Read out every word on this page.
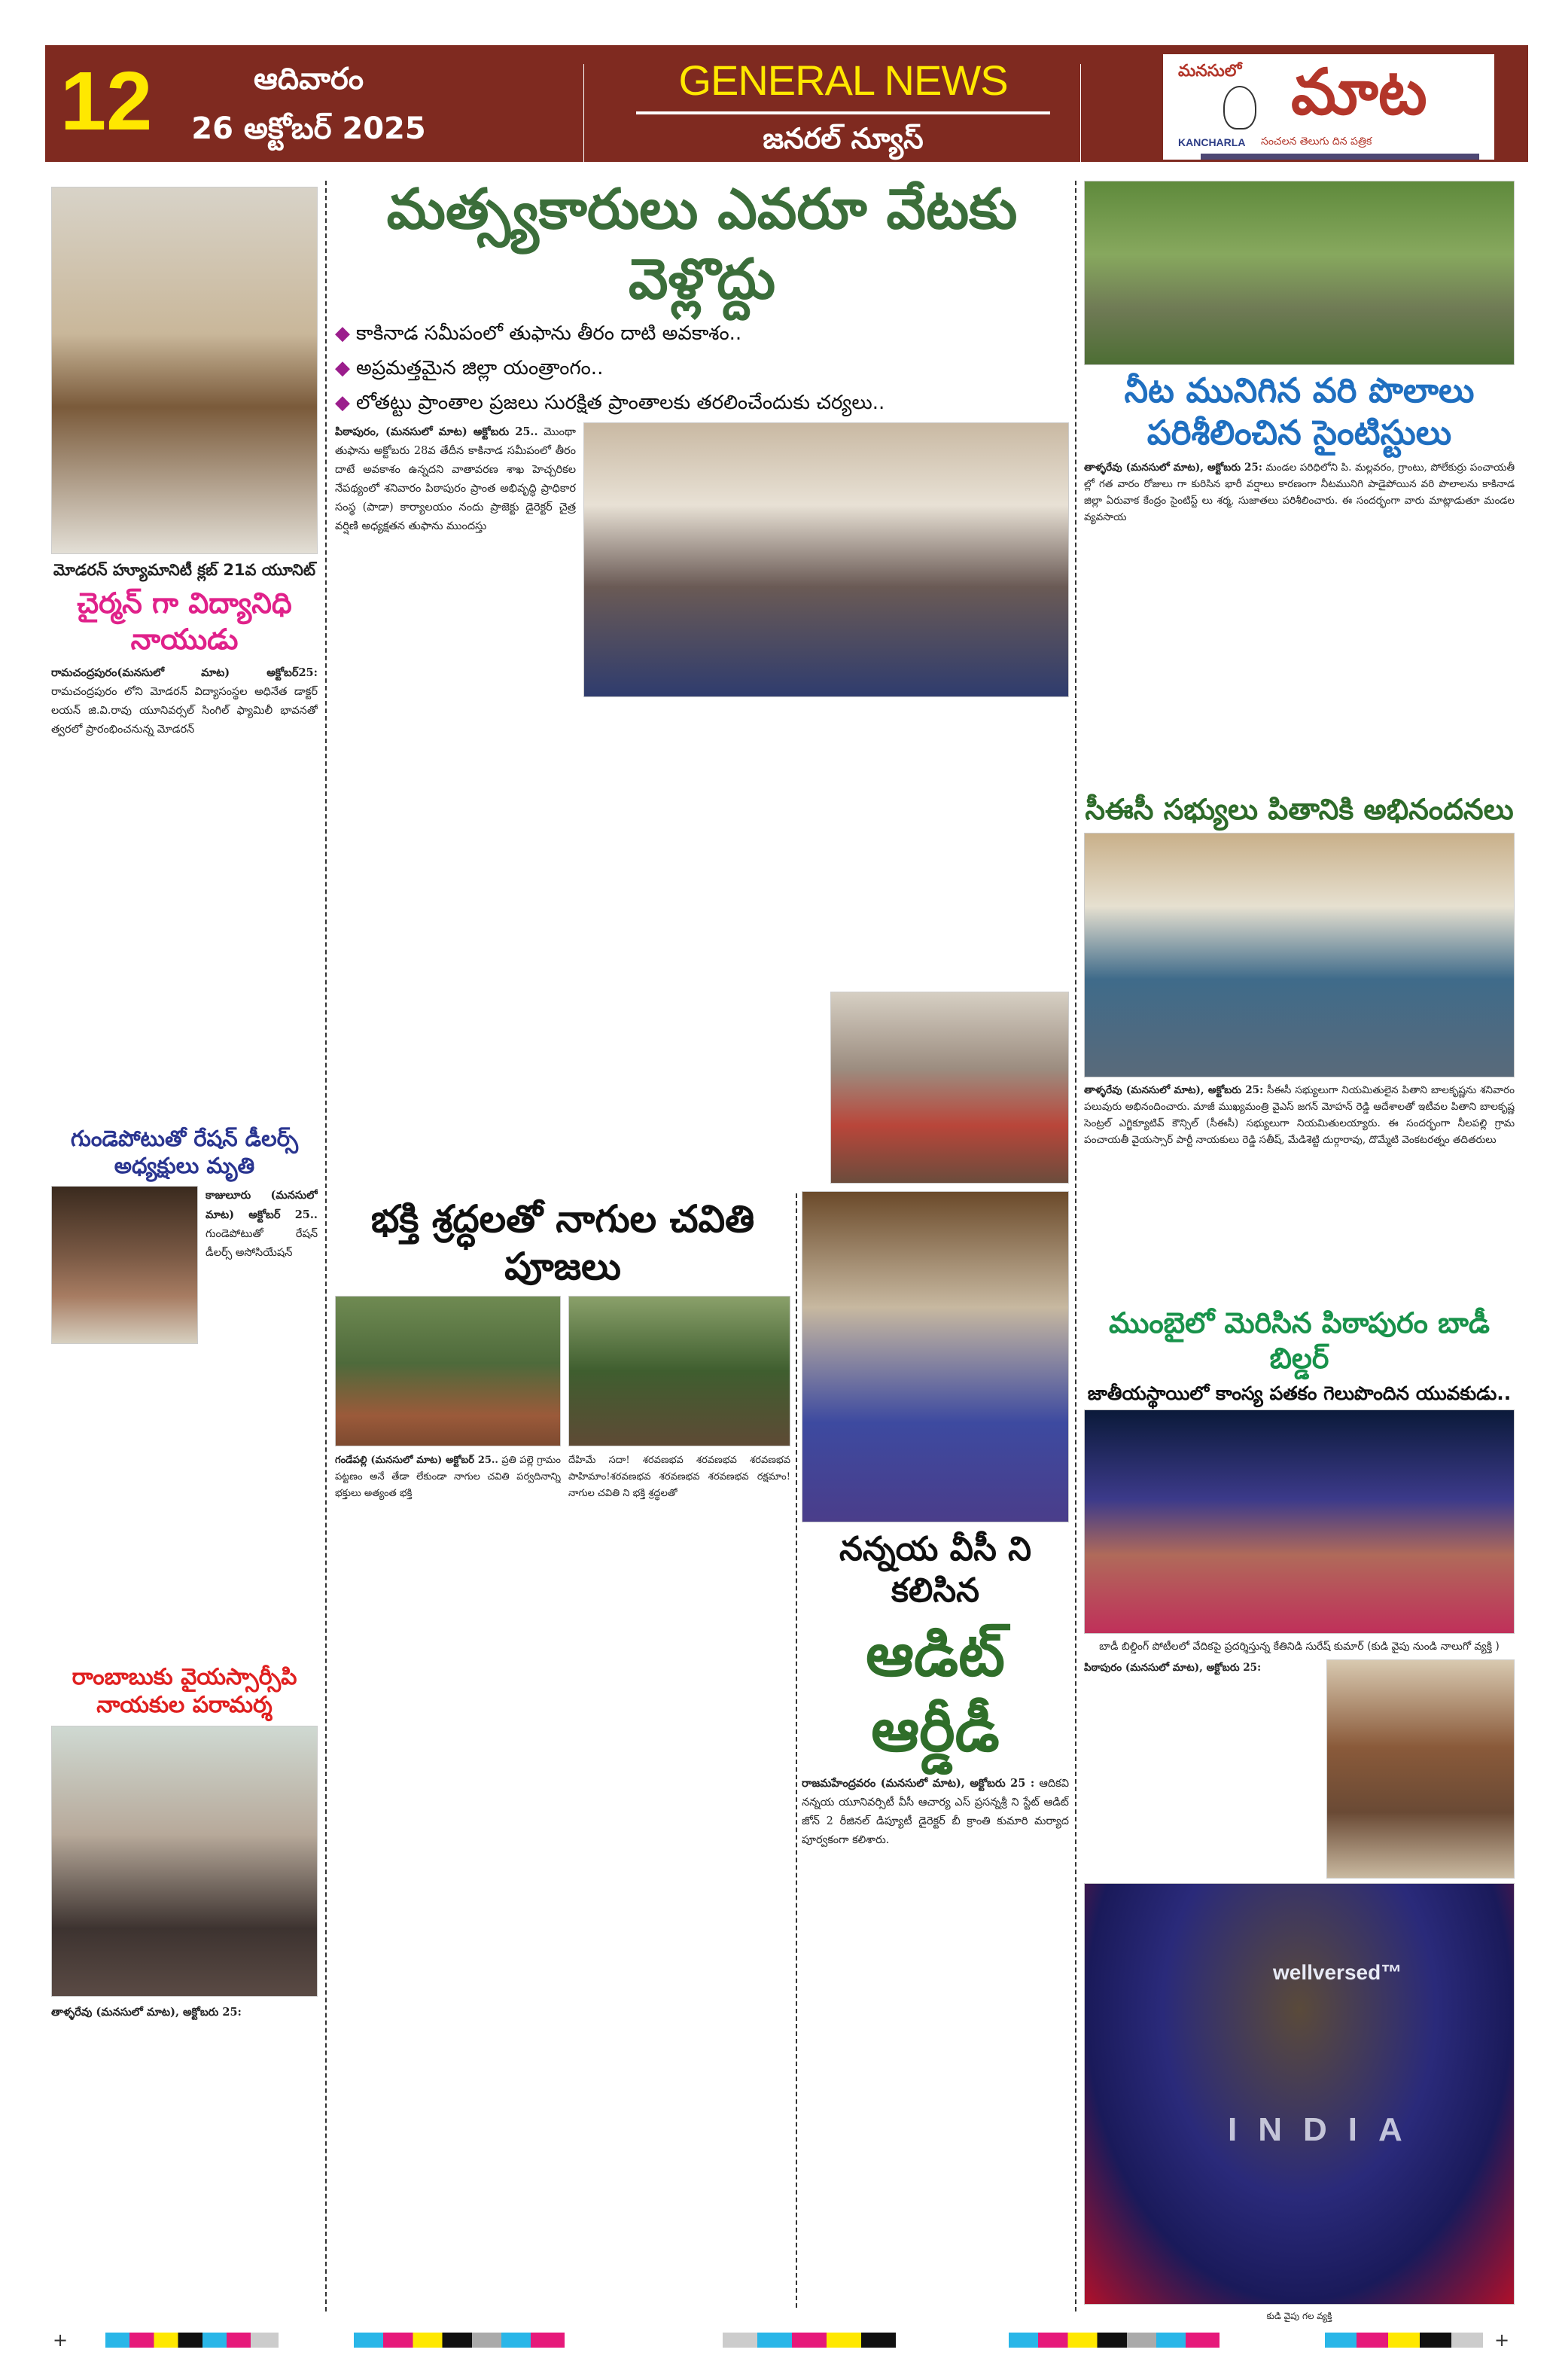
12	ఆదివారం
26 అక్టోబర్ 2025
GENERAL NEWS
జనరల్ న్యూస్
మనసులో మాట
KANCHARLA సంచలన తెలుగు దిన పత్రిక
మోడరన్ హ్యూమానిటీ క్లబ్ 21వ యూనిట్
చైర్మన్ గా విద్యానిధి నాయుడు
రామచంద్రపురం(మనసులో మాట) అక్టోబర్25: రామచంద్రపురం లోని మోడరన్ విద్యాసంస్థల అధినేత డాక్టర్ లయన్ జి.వి.రావు యూనివర్సల్ సింగిల్ ఫ్యామిలీ భావనతో త్వరలో ప్రారంభించనున్న మోడరన్
గుండెపోటుతో రేషన్ డీలర్స్ అధ్యక్షులు మృతి
కాజులూరు (మనసులో మాట) అక్టోబర్ 25.. గుండెపోటుతో రేషన్ డీలర్స్ అసోసియేషన్
రాంబాబుకు వైయస్సార్సీపి నాయకుల పరామర్శ
తాళ్ళరేవు (మనసులో మాట), అక్టోబరు 25:
మత్స్యకారులు ఎవరూ వేటకు వెళ్లొద్దు
◆ కాకినాడ సమీపంలో తుఫాను తీరం దాటి అవకాశం..
◆ అప్రమత్తమైన జిల్లా యంత్రాంగం..
◆ లోతట్టు ప్రాంతాల ప్రజలు సురక్షిత ప్రాంతాలకు తరలించేందుకు చర్యలు..
పిఠాపురం, (మనసులో మాట) అక్టోబరు 25.. మొంథా తుఫాను అక్టోబరు 28వ తేదీన కాకినాడ సమీపంలో తీరం దాటే అవకాశం ఉన్నదని వాతావరణ శాఖ హెచ్చరికల నేపథ్యంలో శనివారం పిఠాపురం ప్రాంత అభివృద్ధి ప్రాధికార సంస్థ (పాడా) కార్యాలయం నందు ప్రాజెక్టు డైరెక్టర్ చైత్ర వర్షిణి అధ్యక్షతన తుఫాను ముందస్తు
భక్తి శ్రద్ధలతో నాగుల చవితి పూజలు
గండేపల్లి (మనసులో మాట) అక్టోబర్ 25.. ప్రతి పల్లె గ్రామం పట్టణం అనే తేడా లేకుండా నాగుల చవితి పర్వదినాన్ని భక్తులు అత్యంత భక్తి
దేహిమే సదా! శరవణభవ శరవణభవ శరవణభవ పాహిమాం!శరవణభవ శరవణభవ శరవణభవ రక్షమాం! నాగుల చవితి ని భక్తి శ్రద్ధలతో
నన్నయ వీసీ ని కలిసిన
ఆడిట్ ఆర్డీడీ
రాజమహేంద్రవరం (మనసులో మాట), అక్టోబరు 25 : ఆదికవి నన్నయ యూనివర్సిటీ వీసీ ఆచార్య ఎస్ ప్రసన్నశ్రీ ని స్టేట్ ఆడిట్ జోన్ 2 రీజినల్ డిప్యూటీ డైరెక్టర్ బీ క్రాంతి కుమారి మర్యాద పూర్వకంగా కలిశారు.
నీట మునిగిన వరి పొలాలు పరిశీలించిన సైంటిస్టులు
తాళ్ళరేవు (మనసులో మాట), అక్టోబరు 25: మండల పరిధిలోని పి. మల్లవరం, గ్రాంటు, పోలేకుర్రు పంచాయతీ ల్లో గత వారం రోజులు గా కురిసిన భారీ వర్షాలు కారణంగా నీటమునిగి పాడైపోయిన వరి పొలాలను కాకినాడ జిల్లా ఏరువాక కేంద్రం సైంటిస్ట్ లు శర్మ, సుజాతలు పరిశీలించారు. ఈ సందర్భంగా వారు మాట్లాడుతూ మండల వ్యవసాయ
సీఈసీ సభ్యులు పితానికి అభినందనలు
తాళ్ళరేవు (మనసులో మాట), అక్టోబరు 25: సీఈసీ సభ్యులుగా నియమితులైన పితాని బాలకృష్ణను శనివారం పలువురు అభినందించారు. మాజీ ముఖ్యమంత్రి వైఎస్ జగన్ మోహన్ రెడ్డి ఆదేశాలతో ఇటీవల పితాని బాలకృష్ణ సెంట్రల్ ఎగ్జిక్యూటివ్ కౌన్సిల్ (సీఈసీ) సభ్యులుగా నియమితులయ్యారు. ఈ సందర్భంగా నీలపల్లి గ్రామ పంచాయతీ వైయస్సార్ పార్టీ నాయకులు రెడ్డి సతీష్, మేడిశెట్టి దుర్గారావు, దొమ్మేటి వెంకటరత్నం తదితరులు
ముంబైలో మెరిసిన పిఠాపురం బాడీ బిల్డర్
జాతీయస్థాయిలో కాంస్య పతకం గెలుపొందిన యువకుడు..
బాడీ బిల్డింగ్ పోటీలలో వేదికపై ప్రదర్శిస్తున్న కేతినిడి సురేష్ కుమార్ (కుడి వైపు నుండి నాలుగో వ్యక్తి )
పిఠాపురం (మనసులో మాట), అక్టోబరు 25:
wellversed™
INDIA
కుడి వైపు గల వ్యక్తి
+	+
